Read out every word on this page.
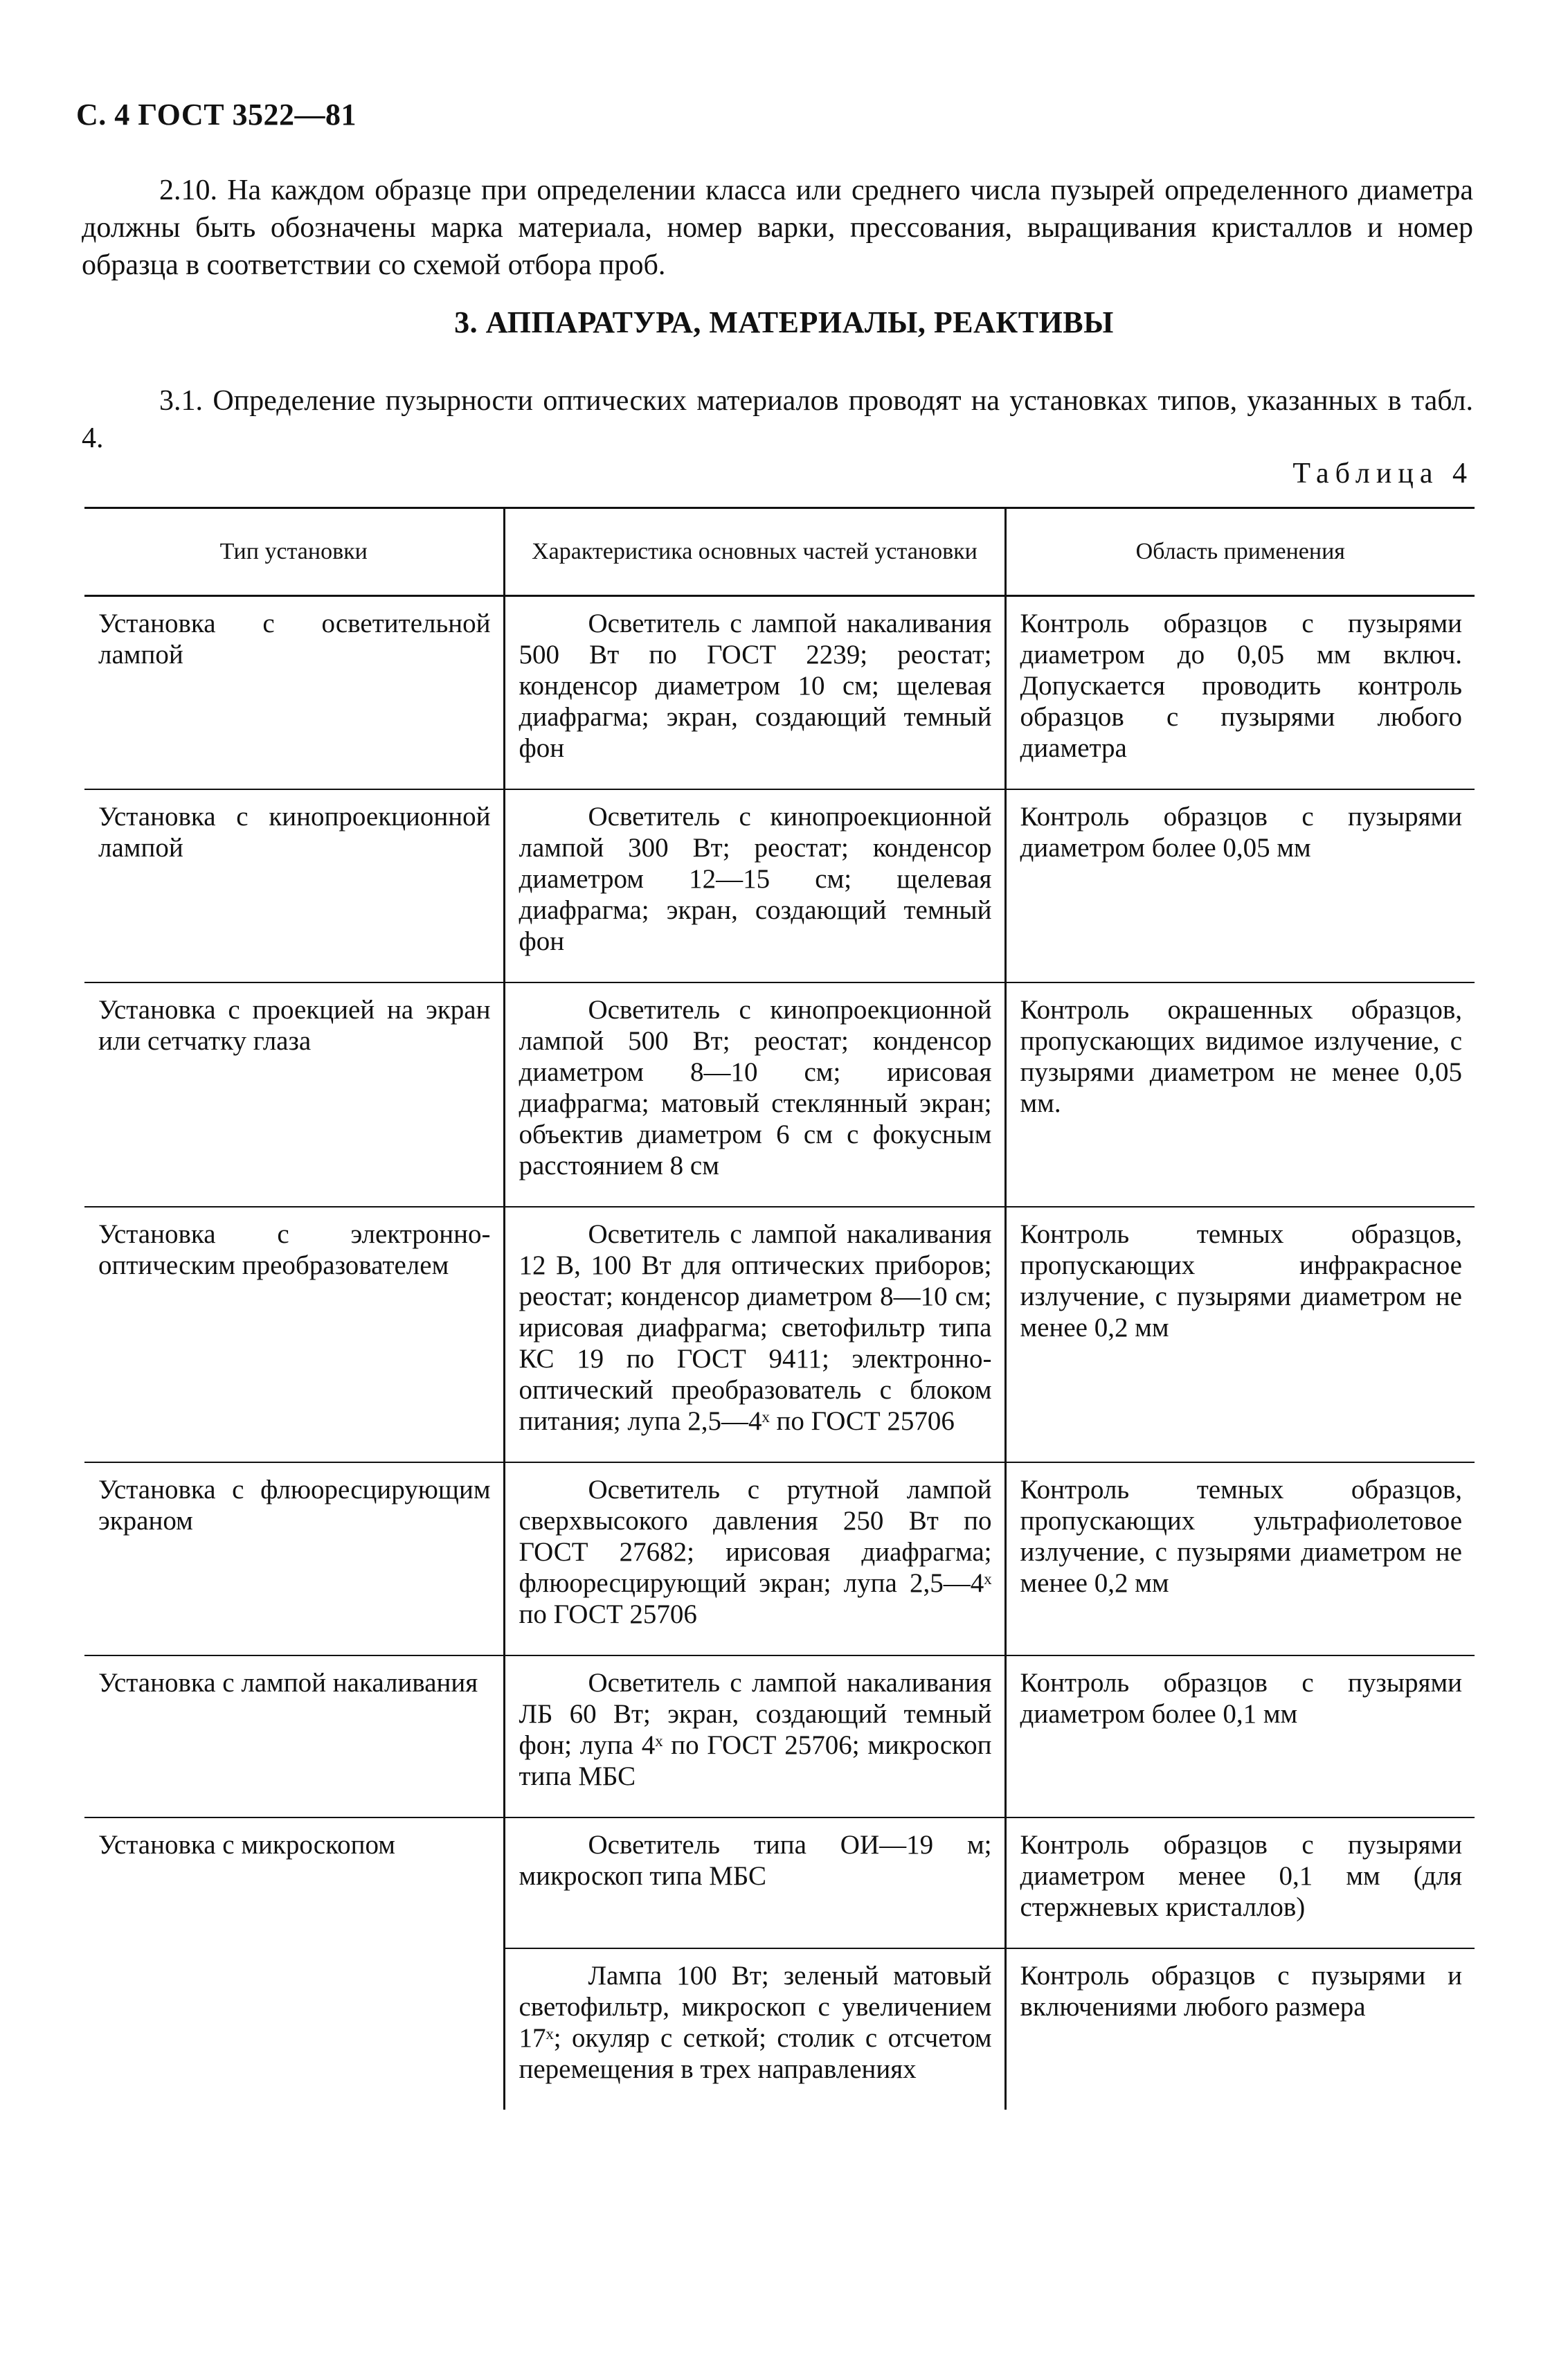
С. 4 ГОСТ 3522—81
2.10. На каждом образце при определении класса или среднего числа пузырей определенного диаметра должны быть обозначены марка материала, номер варки, прессования, выращивания кристаллов и номер образца в соответствии со схемой отбора проб.
3. АППАРАТУРА, МАТЕРИАЛЫ, РЕАКТИВЫ
3.1. Определение пузырности оптических материалов проводят на установках типов, указанных в табл. 4.
Таблица 4
Тип установки	Характеристика основных частей установки	Область применения
Установка с осветительной лампой	Осветитель с лампой накаливания 500 Вт по ГОСТ 2239; реостат; конденсор диаметром 10 см; щелевая диафрагма; экран, создающий темный фон	Контроль образцов с пузырями диаметром до 0,05 мм включ. Допускается проводить контроль образцов с пузырями любого диаметра
Установка с кинопроекционной лампой	Осветитель с кинопроекционной лампой 300 Вт; реостат; конденсор диаметром 12—15 см; щелевая диафрагма; экран, создающий темный фон	Контроль образцов с пузырями диаметром более 0,05 мм
Установка с проекцией на экран или сетчатку глаза	Осветитель с кинопроекционной лампой 500 Вт; реостат; конденсор диаметром 8—10 см; ирисовая диафрагма; матовый стеклянный экран; объектив диаметром 6 см с фокусным расстоянием 8 см	Контроль окрашенных образцов, пропускающих видимое излучение, с пузырями диаметром не менее 0,05 мм.
Установка с электронно-оптическим преобразователем	Осветитель с лампой накаливания 12 В, 100 Вт для оптических приборов; реостат; конденсор диаметром 8—10 см; ирисовая диафрагма; светофильтр типа КС 19 по ГОСТ 9411; электронно-оптический преобразователь с блоком питания; лупа 2,5—4ˣ по ГОСТ 25706	Контроль темных образцов, пропускающих инфракрасное излучение, с пузырями диаметром не менее 0,2 мм
Установка с флюоресцирующим экраном	Осветитель с ртутной лампой сверхвысокого давления 250 Вт по ГОСТ 27682; ирисовая диафрагма; флюоресцирующий экран; лупа 2,5—4ˣ по ГОСТ 25706	Контроль темных образцов, пропускающих ультрафиолетовое излучение, с пузырями диаметром не менее 0,2 мм
Установка с лампой накаливания	Осветитель с лампой накаливания ЛБ 60 Вт; экран, создающий темный фон; лупа 4ˣ по ГОСТ 25706; микроскоп типа МБС	Контроль образцов с пузырями диаметром более 0,1 мм
Установка с микроскопом	Осветитель типа ОИ—19 м; микроскоп типа МБС	Контроль образцов с пузырями диаметром менее 0,1 мм (для стержневых кристаллов)
	Лампа 100 Вт; зеленый матовый светофильтр, микроскоп с увеличением 17ˣ; окуляр с сеткой; столик с отсчетом перемещения в трех направлениях	Контроль образцов с пузырями и включениями любого размера
